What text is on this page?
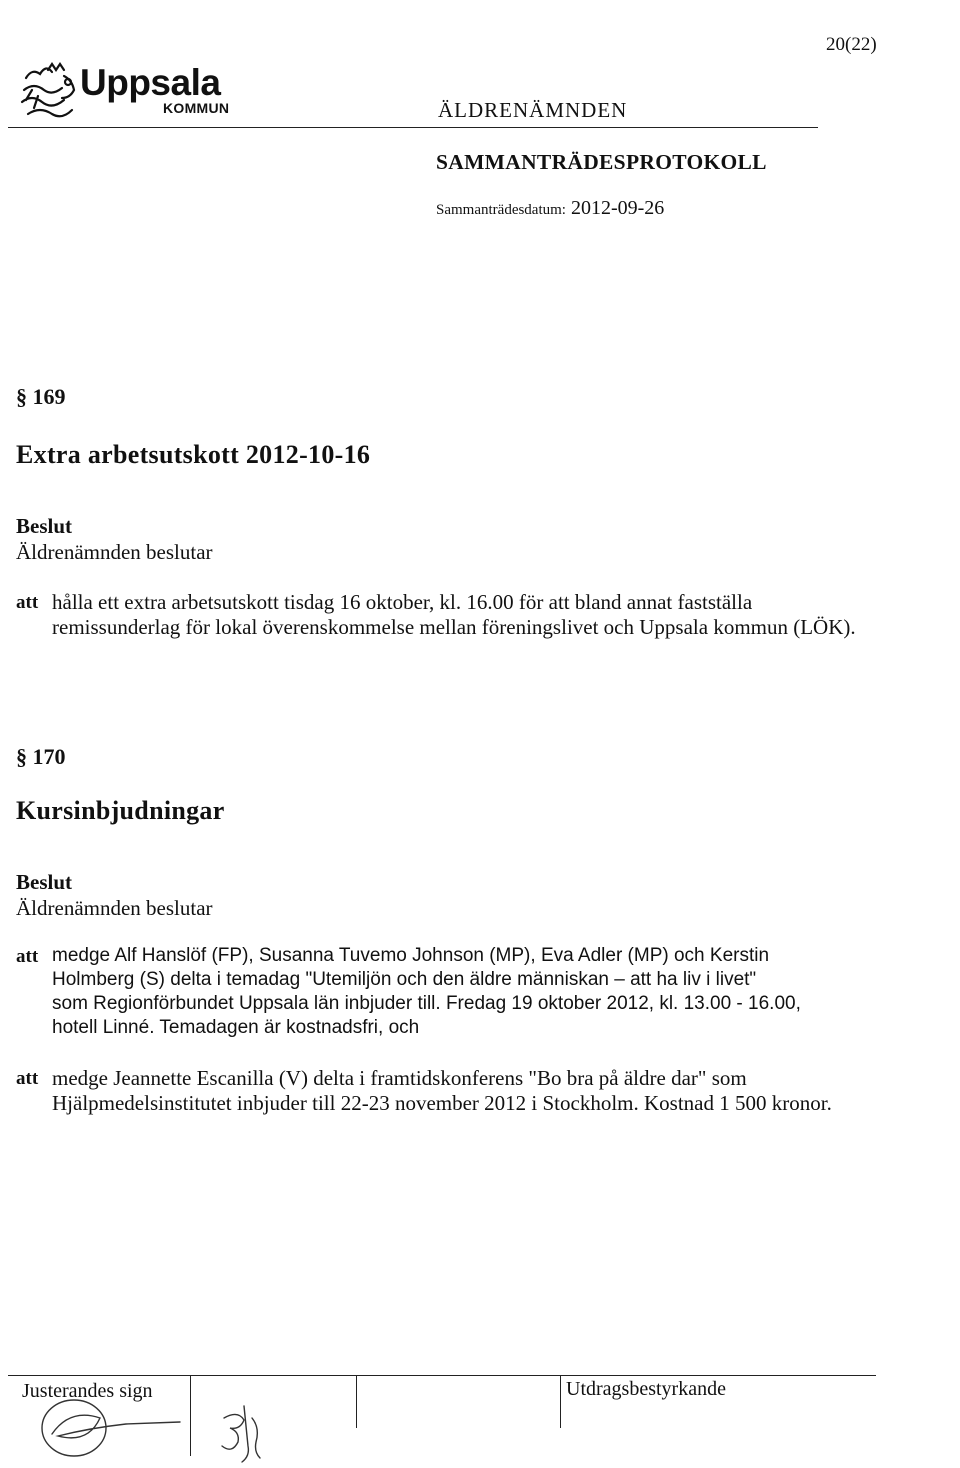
20(22)
Uppsala
KOMMUN	ÄLDRENÄMNDEN
SAMMANTRÄDESPROTOKOLL
Sammanträdesdatum: 2012-09-26
§ 169
Extra arbetsutskott 2012-10-16
Beslut
Äldrenämnden beslutar
att hålla ett extra arbetsutskott tisdag 16 oktober, kl. 16.00 för att bland annat fastställa
remissunderlag för lokal överenskommelse mellan föreningslivet och Uppsala kommun (LÖK).
§ 170
Kursinbjudningar
Beslut
Äldrenämnden beslutar
att medge Alf Hanslöf (FP), Susanna Tuvemo Johnson (MP), Eva Adler (MP) och Kerstin
Holmberg (S) delta i temadag "Utemiljön och den äldre människan – att ha liv i livet"
som Regionförbundet Uppsala län inbjuder till. Fredag 19 oktober 2012, kl. 13.00 - 16.00,
hotell Linné. Temadagen är kostnadsfri, och
att medge Jeannette Escanilla (V) delta i framtidskonferens "Bo bra på äldre dar" som
Hjälpmedelsinstitutet inbjuder till 22-23 november 2012 i Stockholm. Kostnad 1 500 kronor.
Justerandes sign	Utdragsbestyrkande
